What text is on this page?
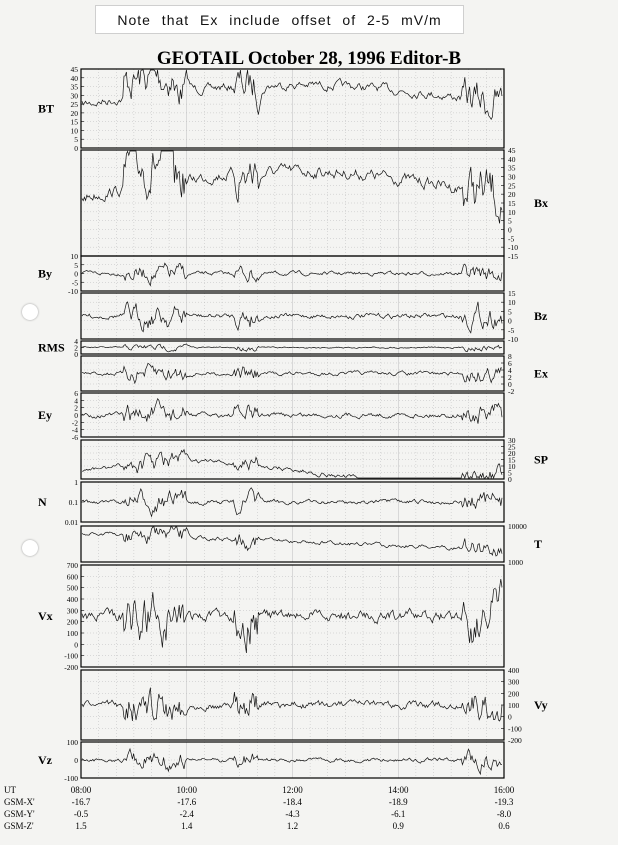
Note that Ex include offset of 2-5 mV/m
GEOTAIL October 28, 1996 Editor-B
45
40
35
30
25
20
15
10
5
0
BT
45
40
35
30
25
20
15
10
5
0
-5
-10
-15
Bx
10
5
0
-5
-10
By
15
10
5
0
-5
-10
Bz
4
2
0
RMS
8
6
4
2
0
-2
Ex
6
4
2
0
-2
-4
-6
Ey
30
25
20
15
10
5
0
SP
1
0.1
0.01
N
10000
1000
T
700
600
500
400
300
200
100
0
-100
-200
Vx
400
300
200
100
0
-100
-200
Vy
100
0
-100
Vz
UT
GSM-X'
GSM-Y'
GSM-Z'
08:00
-16.7
-0.5
1.5
10:00
-17.6
-2.4
1.4
12:00
-18.4
-4.3
1.2
14:00
-18.9
-6.1
0.9
16:00
-19.3
-8.0
0.6
